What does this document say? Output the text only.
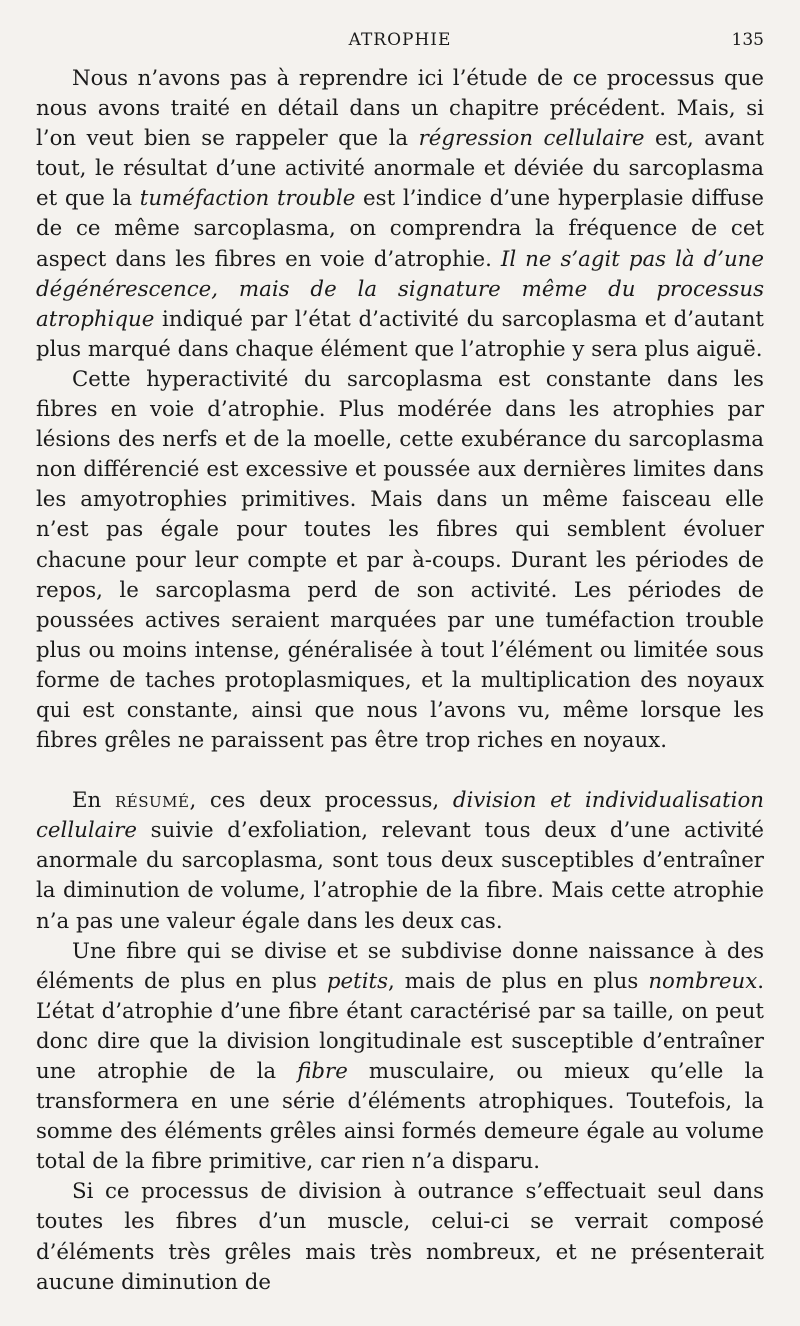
ATROPHIE	135

Nous n’avons pas à reprendre ici l’étude de ce processus que nous avons traité en détail dans un chapitre précédent. Mais, si l’on veut bien se rappeler que la régression cellulaire est, avant tout, le résultat d’une activité anormale et déviée du sarcoplasma et que la tuméfaction trouble est l’indice d’une hyperplasie diffuse de ce même sarcoplasma, on comprendra la fréquence de cet aspect dans les fibres en voie d’atrophie. Il ne s’agit pas là d’une dégénérescence, mais de la signature même du processus atrophique indiqué par l’état d’activité du sarcoplasma et d’autant plus marqué dans chaque élément que l’atrophie y sera plus aiguë.

Cette hyperactivité du sarcoplasma est constante dans les fibres en voie d’atrophie. Plus modérée dans les atrophies par lésions des nerfs et de la moelle, cette exubérance du sarcoplasma non différencié est excessive et poussée aux dernières limites dans les amyotrophies primitives. Mais dans un même faisceau elle n’est pas égale pour toutes les fibres qui semblent évoluer chacune pour leur compte et par à-coups. Durant les périodes de repos, le sarcoplasma perd de son activité. Les périodes de poussées actives seraient marquées par une tuméfaction trouble plus ou moins intense, généralisée à tout l’élément ou limitée sous forme de taches protoplasmiques, et la multiplication des noyaux qui est constante, ainsi que nous l’avons vu, même lorsque les fibres grêles ne paraissent pas être trop riches en noyaux.

En résumé, ces deux processus, division et individualisation cellulaire suivie d’exfoliation, relevant tous deux d’une activité anormale du sarcoplasma, sont tous deux susceptibles d’entraîner la diminution de volume, l’atrophie de la fibre. Mais cette atrophie n’a pas une valeur égale dans les deux cas.

Une fibre qui se divise et se subdivise donne naissance à des éléments de plus en plus petits, mais de plus en plus nombreux. L’état d’atrophie d’une fibre étant caractérisé par sa taille, on peut donc dire que la division longitudinale est susceptible d’entraîner une atrophie de la fibre musculaire, ou mieux qu’elle la transformera en une série d’éléments atrophiques. Toutefois, la somme des éléments grêles ainsi formés demeure égale au volume total de la fibre primitive, car rien n’a disparu.

Si ce processus de division à outrance s’effectuait seul dans toutes les fibres d’un muscle, celui-ci se verrait composé d’éléments très grêles mais très nombreux, et ne présenterait aucune diminution de
